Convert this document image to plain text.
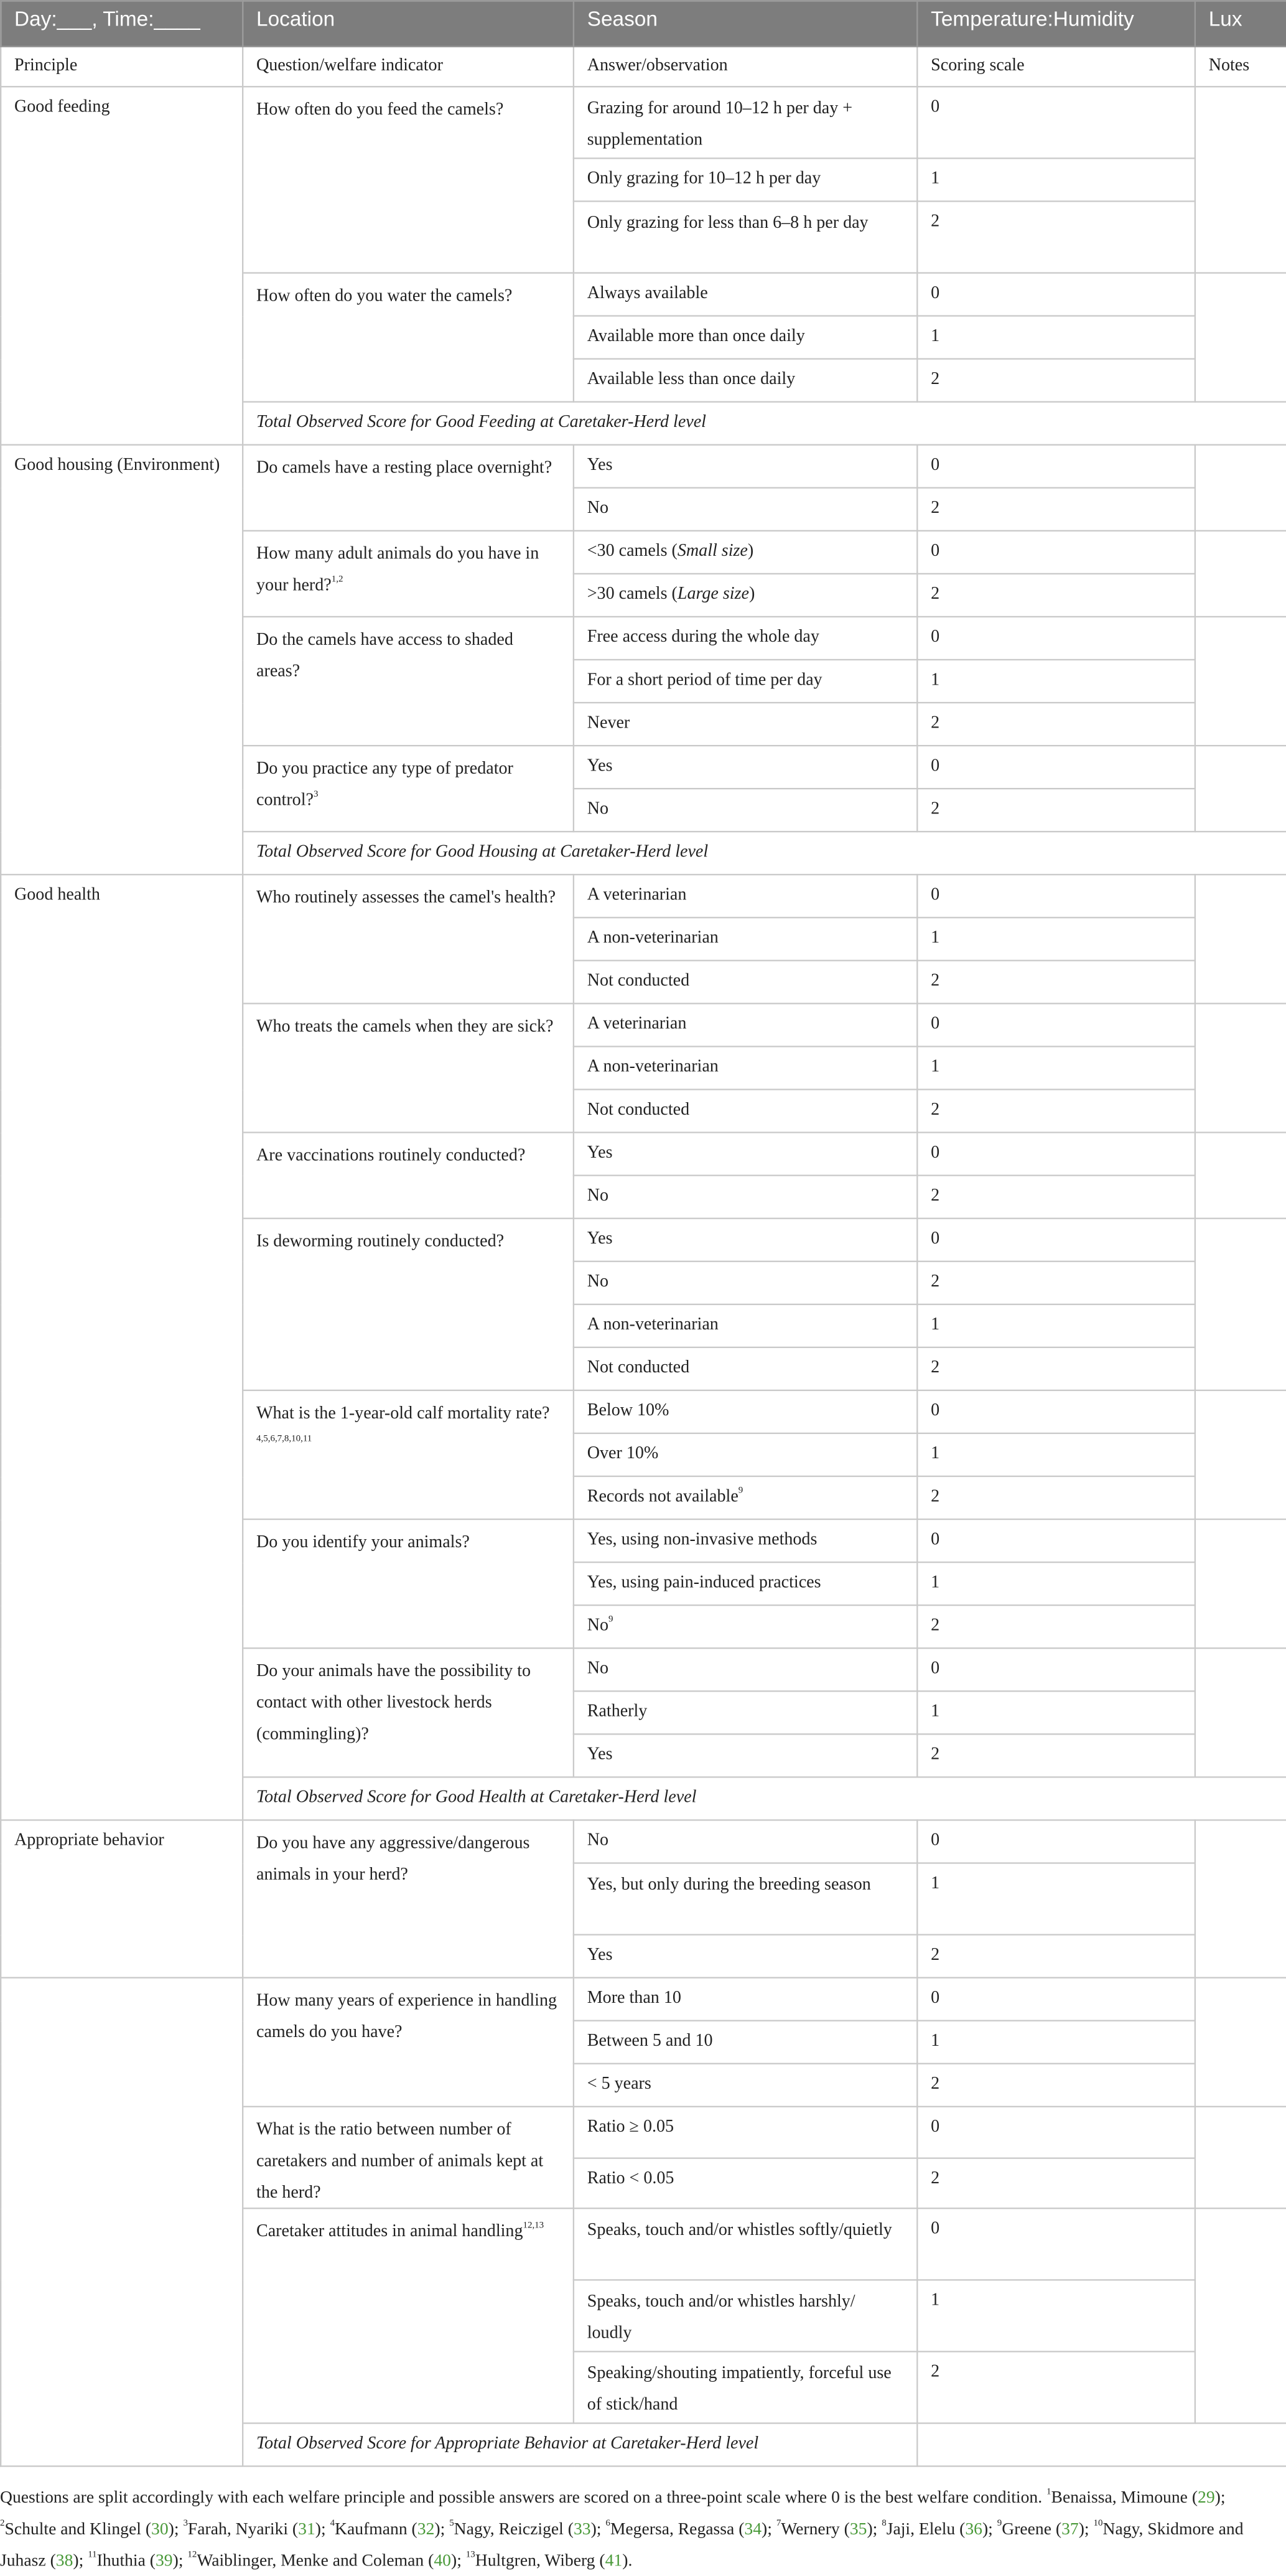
Day:___, Time:____	Location	Season	Temperature:Humidity	Lux
Principle	Question/welfare indicator	Answer/observation	Scoring scale	Notes
Good feeding	How often do you feed the camels?	Grazing for around 10–12 h per day + supplementation	0	
		Only grazing for 10–12 h per day	1	
		Only grazing for less than 6–8 h per day	2	
	How often do you water the camels?	Always available	0	
		Available more than once daily	1	
		Available less than once daily	2	
	Total Observed Score for Good Feeding at Caretaker-Herd level			
Good housing (Environment)	Do camels have a resting place overnight?	Yes	0	
		No	2	
	How many adult animals do you have in your herd?$^{1,2}$	<30 camels (Small size)	0	
		>30 camels (Large size)	2	
	Do the camels have access to shaded areas?	Free access during the whole day	0	
		For a short period of time per day	1	
		Never	2	
	Do you practice any type of predator control?$^3$	Yes	0	
		No	2	
	Total Observed Score for Good Housing at Caretaker-Herd level			
Good health	Who routinely assesses the camel's health?	A veterinarian	0	
		A non-veterinarian	1	
		Not conducted	2	
	Who treats the camels when they are sick?	A veterinarian	0	
		A non-veterinarian	1	
		Not conducted	2	
	Are vaccinations routinely conducted?	Yes	0	
		No	2	
	Is deworming routinely conducted?	Yes	0	
		No	2	
		A non-veterinarian	1	
		Not conducted	2	
	What is the 1-year-old calf mortality rate?$^{4,5,6,7,8,10,11}$	Below 10%	0	
		Over 10%	1	
		Records not available$^9$	2	
	Do you identify your animals?	Yes, using non-invasive methods	0	
		Yes, using pain-induced practices	1	
		No$^9$	2	
	Do your animals have the possibility to contact with other livestock herds (commingling)?	No	0	
		Ratherly	1	
		Yes	2	
	Total Observed Score for Good Health at Caretaker-Herd level			
Appropriate behavior	Do you have any aggressive/dangerous animals in your herd?	No	0	
		Yes, but only during the breeding season	1	
		Yes	2	
	How many years of experience in handling camels do you have?	More than 10	0	
		Between 5 and 10	1	
		< 5 years	2	
	What is the ratio between number of caretakers and number of animals kept at the herd?	Ratio ≥ 0.05	0	
		Ratio < 0.05	2	
	Caretaker attitudes in animal handling$^{12,13}$	Speaks, touch and/or whistles softly/quietly	0	
		Speaks, touch and/or whistles harshly/ loudly	1	
		Speaking/shouting impatiently, forceful use of stick/hand	2	
	Total Observed Score for Appropriate Behavior at Caretaker-Herd level			
Questions are split accordingly with each welfare principle and possible answers are scored on a three-point scale where 0 is the best welfare condition. $^1$Benaissa, Mimoune (29); $^2$Schulte and Klingel (30); $^3$Farah, Nyariki (31); $^4$Kaufmann (32); $^5$Nagy, Reiczigel (33); $^6$Megersa, Regassa (34); $^7$Wernery (35); $^8$Jaji, Elelu (36); $^9$Greene (37); $^{10}$Nagy, Skidmore and Juhasz (38); $^{11}$Ihuthia (39); $^{12}$Waiblinger, Menke and Coleman (40); $^{13}$Hultgren, Wiberg (41).
